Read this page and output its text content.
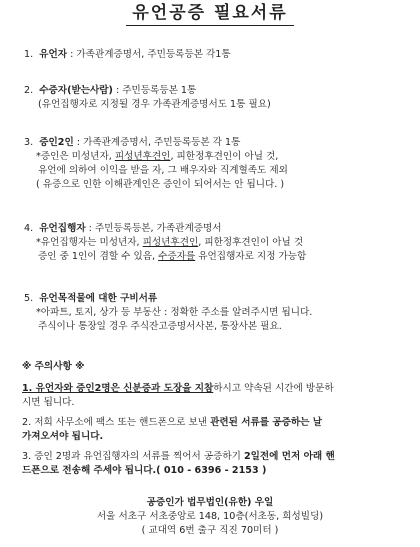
유언공증 필요서류
1. 유언자 : 가족관계증명서, 주민등록등본 각1통
2. 수증자(받는사람) : 주민등록등본 1통
(유언집행자로 지정될 경우 가족관계증명서도 1통 필요)
3. 증인2인 : 가족관계증명서, 주민등록등본 각 1통
*증인은 미성년자, 피성년후견인, 피한정후견인이 아닐 것,
유언에 의하여 이익을 받을 자, 그 배우자와 직계혈족도 제외
( 유증으로 인한 이해관계인은 증인이 되어서는 안 됩니다. )
4. 유언집행자 : 주민등록등본, 가족관계증명서
*유언집행자는 미성년자, 피성년후견인, 피한정후견인이 아닐 것
증인 중 1인이 겸할 수 있음, 수증자를 유언집행자로 지정 가능함
5. 유언목적물에 대한 구비서류
*아파트, 토지, 상가 등 부동산 : 정확한 주소를 알려주시면 됩니다.
주식이나 통장일 경우 주식잔고증명서사본, 통장사본 필요.
※ 주의사항 ※
1. 유언자와 증인2명은 신분증과 도장을 지참하시고 약속된 시간에 방문하
시면 됩니다.
2. 저희 사무소에 팩스 또는 핸드폰으로 보낸 관련된 서류를 공증하는 날
가져오셔야 됩니다.
3. 증인 2명과 유언집행자의 서류를 찍어서 공증하기 2일전에 먼저 아래 핸
드폰으로 전송해 주세야 됩니다.( 010 - 6396 - 2153 )
공증인가 법무법인(유한) 우일
서울 서초구 서초중앙로 148, 10층(서초동, 희성빌딩)
( 교대역 6번 출구 직진 70미터 )
